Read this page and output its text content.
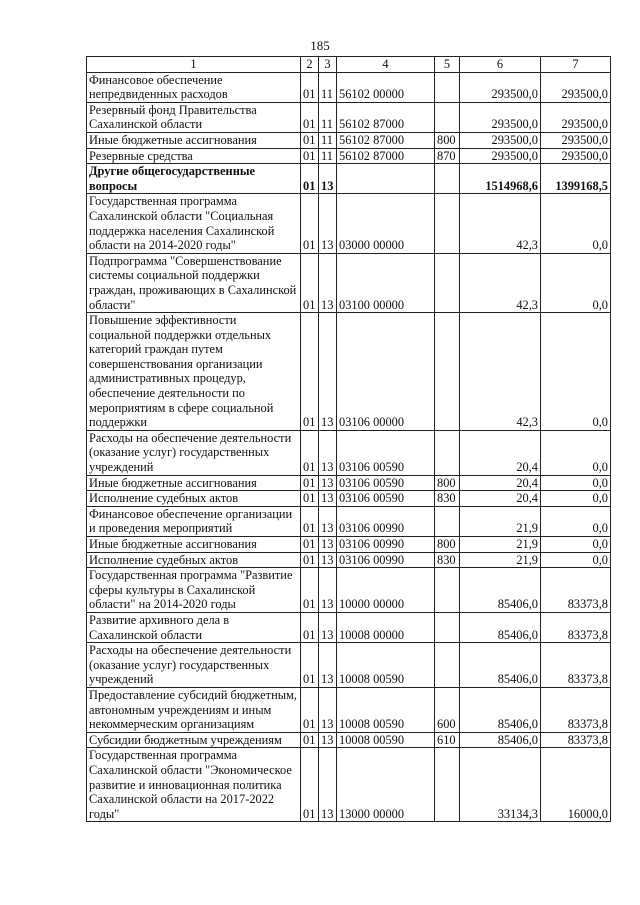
185
1	2	3	4	5	6	7
Финансовое обеспечение непредвиденных расходов	01	11	56102 00000		293500,0	293500,0
Резервный фонд Правительства Сахалинской области	01	11	56102 87000		293500,0	293500,0
Иные бюджетные ассигнования	01	11	56102 87000	800	293500,0	293500,0
Резервные средства	01	11	56102 87000	870	293500,0	293500,0
Другие общегосударственные вопросы	01	13			1514968,6	1399168,5
Государственная программа Сахалинской области "Социальная поддержка населения Сахалинской области на 2014-2020 годы"	01	13	03000 00000		42,3	0,0
Подпрограмма "Совершенствование системы социальной поддержки граждан, проживающих в Сахалинской области"	01	13	03100 00000		42,3	0,0
Повышение эффективности социальной поддержки отдельных категорий граждан путем совершенствования организации административных процедур, обеспечение деятельности по мероприятиям в сфере социальной поддержки	01	13	03106 00000		42,3	0,0
Расходы на обеспечение деятельности (оказание услуг) государственных учреждений	01	13	03106 00590		20,4	0,0
Иные бюджетные ассигнования	01	13	03106 00590	800	20,4	0,0
Исполнение судебных актов	01	13	03106 00590	830	20,4	0,0
Финансовое обеспечение организации и проведения мероприятий	01	13	03106 00990		21,9	0,0
Иные бюджетные ассигнования	01	13	03106 00990	800	21,9	0,0
Исполнение судебных актов	01	13	03106 00990	830	21,9	0,0
Государственная программа "Развитие сферы культуры в Сахалинской области" на 2014-2020 годы	01	13	10000 00000		85406,0	83373,8
Развитие архивного дела в Сахалинской области	01	13	10008 00000		85406,0	83373,8
Расходы на обеспечение деятельности (оказание услуг) государственных учреждений	01	13	10008 00590		85406,0	83373,8
Предоставление субсидий бюджетным, автономным учреждениям и иным некоммерческим организациям	01	13	10008 00590	600	85406,0	83373,8
Субсидии бюджетным учреждениям	01	13	10008 00590	610	85406,0	83373,8
Государственная программа Сахалинской области "Экономическое развитие и инновационная политика Сахалинской области на 2017-2022 годы"	01	13	13000 00000		33134,3	16000,0
